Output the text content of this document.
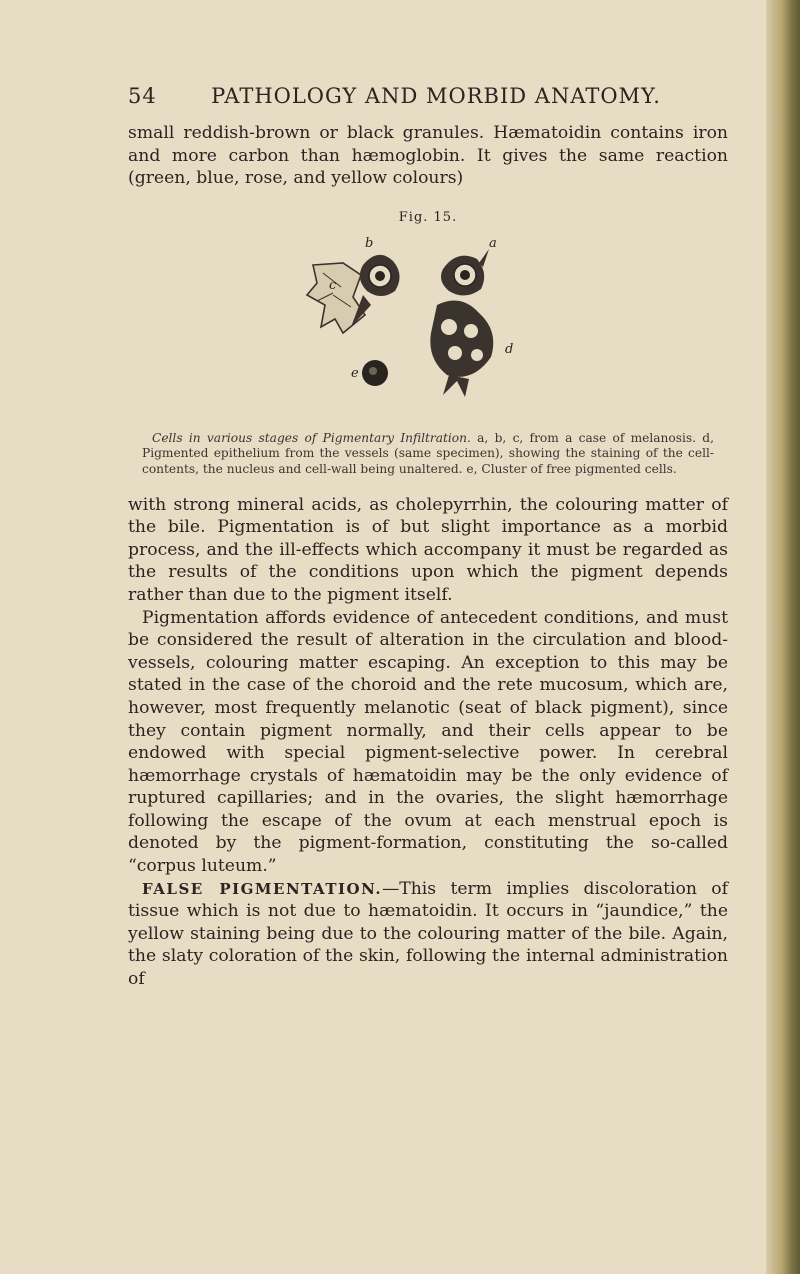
54	PATHOLOGY AND MORBID ANATOMY.

small reddish-brown or black granules. Hæmatoidin contains iron and more carbon than hæmoglobin. It gives the same reaction (green, blue, rose, and yellow colours)

Fig. 15.
b	a
c
d
e
Cells in various stages of Pigmentary Infiltration. a, b, c, from a case of melanosis. d, Pigmented epithelium from the vessels (same specimen), showing the staining of the cell-contents, the nucleus and cell-wall being unaltered. e, Cluster of free pigmented cells.

with strong mineral acids, as cholepyrrhin, the colouring matter of the bile. Pigmentation is of but slight importance as a morbid process, and the ill-effects which accompany it must be regarded as the results of the conditions upon which the pigment depends rather than due to the pigment itself.

Pigmentation affords evidence of antecedent conditions, and must be considered the result of alteration in the circulation and blood-vessels, colouring matter escaping. An exception to this may be stated in the case of the choroid and the rete mucosum, which are, however, most frequently melanotic (seat of black pigment), since they contain pigment normally, and their cells appear to be endowed with special pigment-selective power. In cerebral hæmorrhage crystals of hæmatoidin may be the only evidence of ruptured capillaries; and in the ovaries, the slight hæmorrhage following the escape of the ovum at each menstrual epoch is denoted by the pigment-formation, constituting the so-called “corpus luteum.”

FALSE PIGMENTATION.—This term implies discoloration of tissue which is not due to hæmatoidin. It occurs in “jaundice,” the yellow staining being due to the colouring matter of the bile. Again, the slaty coloration of the skin, following the internal administration of
